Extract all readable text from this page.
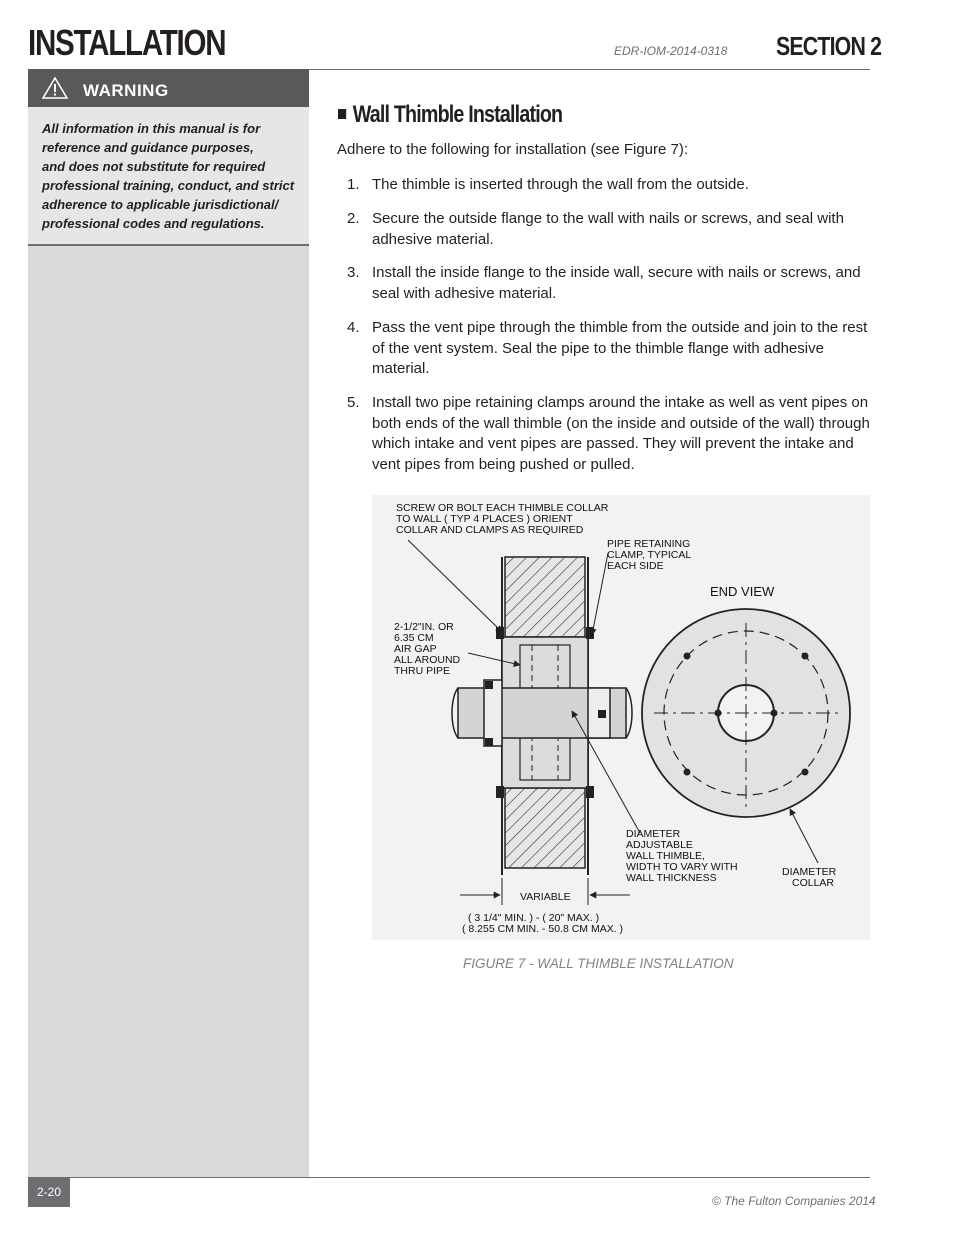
INSTALLATION	EDR-IOM-2014-0318 SECTION 2
WARNING
All information in this manual is for
reference and guidance purposes,
and does not substitute for required
professional training, conduct, and strict
adherence to applicable jurisdictional/
professional codes and regulations.
Wall Thimble Installation
Adhere to the following for installation (see Figure 7):
1. The thimble is inserted through the wall from the outside.
2. Secure the outside flange to the wall with nails or screws, and seal with adhesive material.
3. Install the inside flange to the inside wall, secure with nails or screws, and seal with adhesive material.
4. Pass the vent pipe through the thimble from the outside and join to the rest of the vent system. Seal the pipe to the thimble flange with adhesive material.
5. Install two pipe retaining clamps around the intake as well as vent pipes on both ends of the wall thimble (on the inside and outside of the wall) through which intake and vent pipes are passed. They will prevent the intake and vent pipes from being pushed or pulled.
SCREW OR BOLT EACH THIMBLE COLLAR TO WALL ( TYP 4 PLACES ) ORIENT COLLAR AND CLAMPS AS REQUIRED
PIPE RETAINING CLAMP, TYPICAL EACH SIDE
END VIEW
2-1/2"IN. OR 6.35 CM AIR GAP ALL AROUND THRU PIPE
DIAMETER ADJUSTABLE WALL THIMBLE, WIDTH TO VARY WITH WALL THICKNESS	DIAMETER COLLAR
VARIABLE
( 3 1/4" MIN. ) - ( 20" MAX. )
( 8.255 CM MIN. - 50.8 CM MAX. )
FIGURE 7 - WALL THIMBLE INSTALLATION
2-20
© The Fulton Companies 2014
